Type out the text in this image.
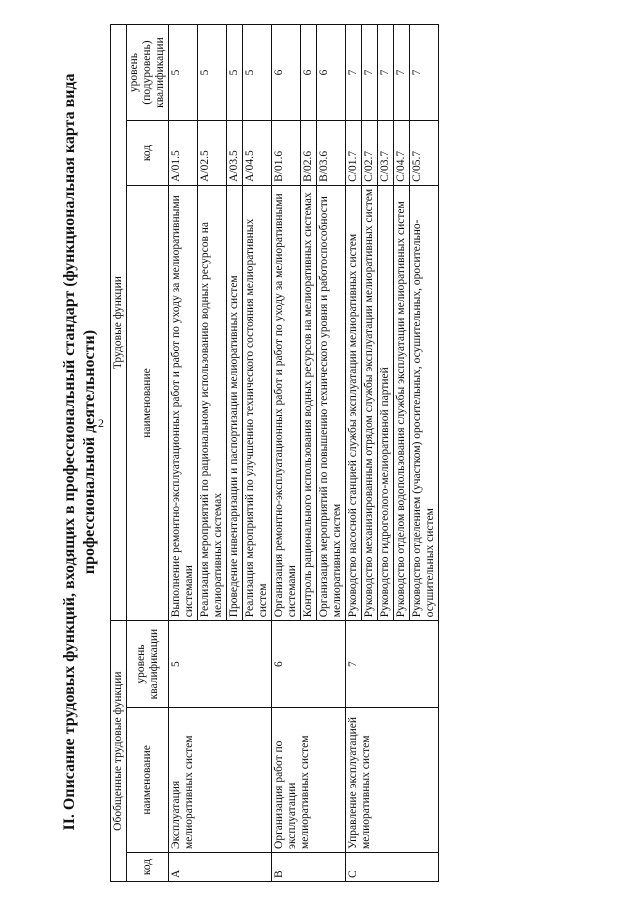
2
II. Описание трудовых функций, входящих в профессиональный стандарт (функциональная карта вида профессиональной деятельности)
Обобщенные трудовые функции			Трудовые функции		
код	наименование	уровень квалификации	наименование	код	уровень (подуровень) квалификации
A	Эксплуатация мелиоративных систем	5	Выполнение ремонтно-эксплуатационных работ и работ по уходу за мелиоративными системами	A/01.5	5
			Реализация мероприятий по рациональному использованию водных ресурсов на мелиоративных системах	A/02.5	5
			Проведение инвентаризации и паспортизации мелиоративных систем	A/03.5	5
			Реализация мероприятий по улучшению технического состояния мелиоративных систем	A/04.5	5
B	Организация работ по эксплуатации мелиоративных систем	6	Организация ремонтно-эксплуатационных работ и работ по уходу за мелиоративными системами	B/01.6	6
			Контроль рационального использования водных ресурсов на мелиоративных системах	B/02.6	6
			Организация мероприятий по повышению технического уровня и работоспособности мелиоративных систем	B/03.6	6
C	Управление эксплуатацией мелиоративных систем	7	Руководство насосной станцией службы эксплуатации мелиоративных систем	C/01.7	7
			Руководство механизированным отрядом службы эксплуатации мелиоративных систем	C/02.7	7
			Руководство гидрогеолого-мелиоративной партией	C/03.7	7
			Руководство отделом водопользования службы эксплуатации мелиоративных систем	C/04.7	7
			Руководство отделением (участком) оросительных, осушительных, оросительно-осушительных систем	C/05.7	7
